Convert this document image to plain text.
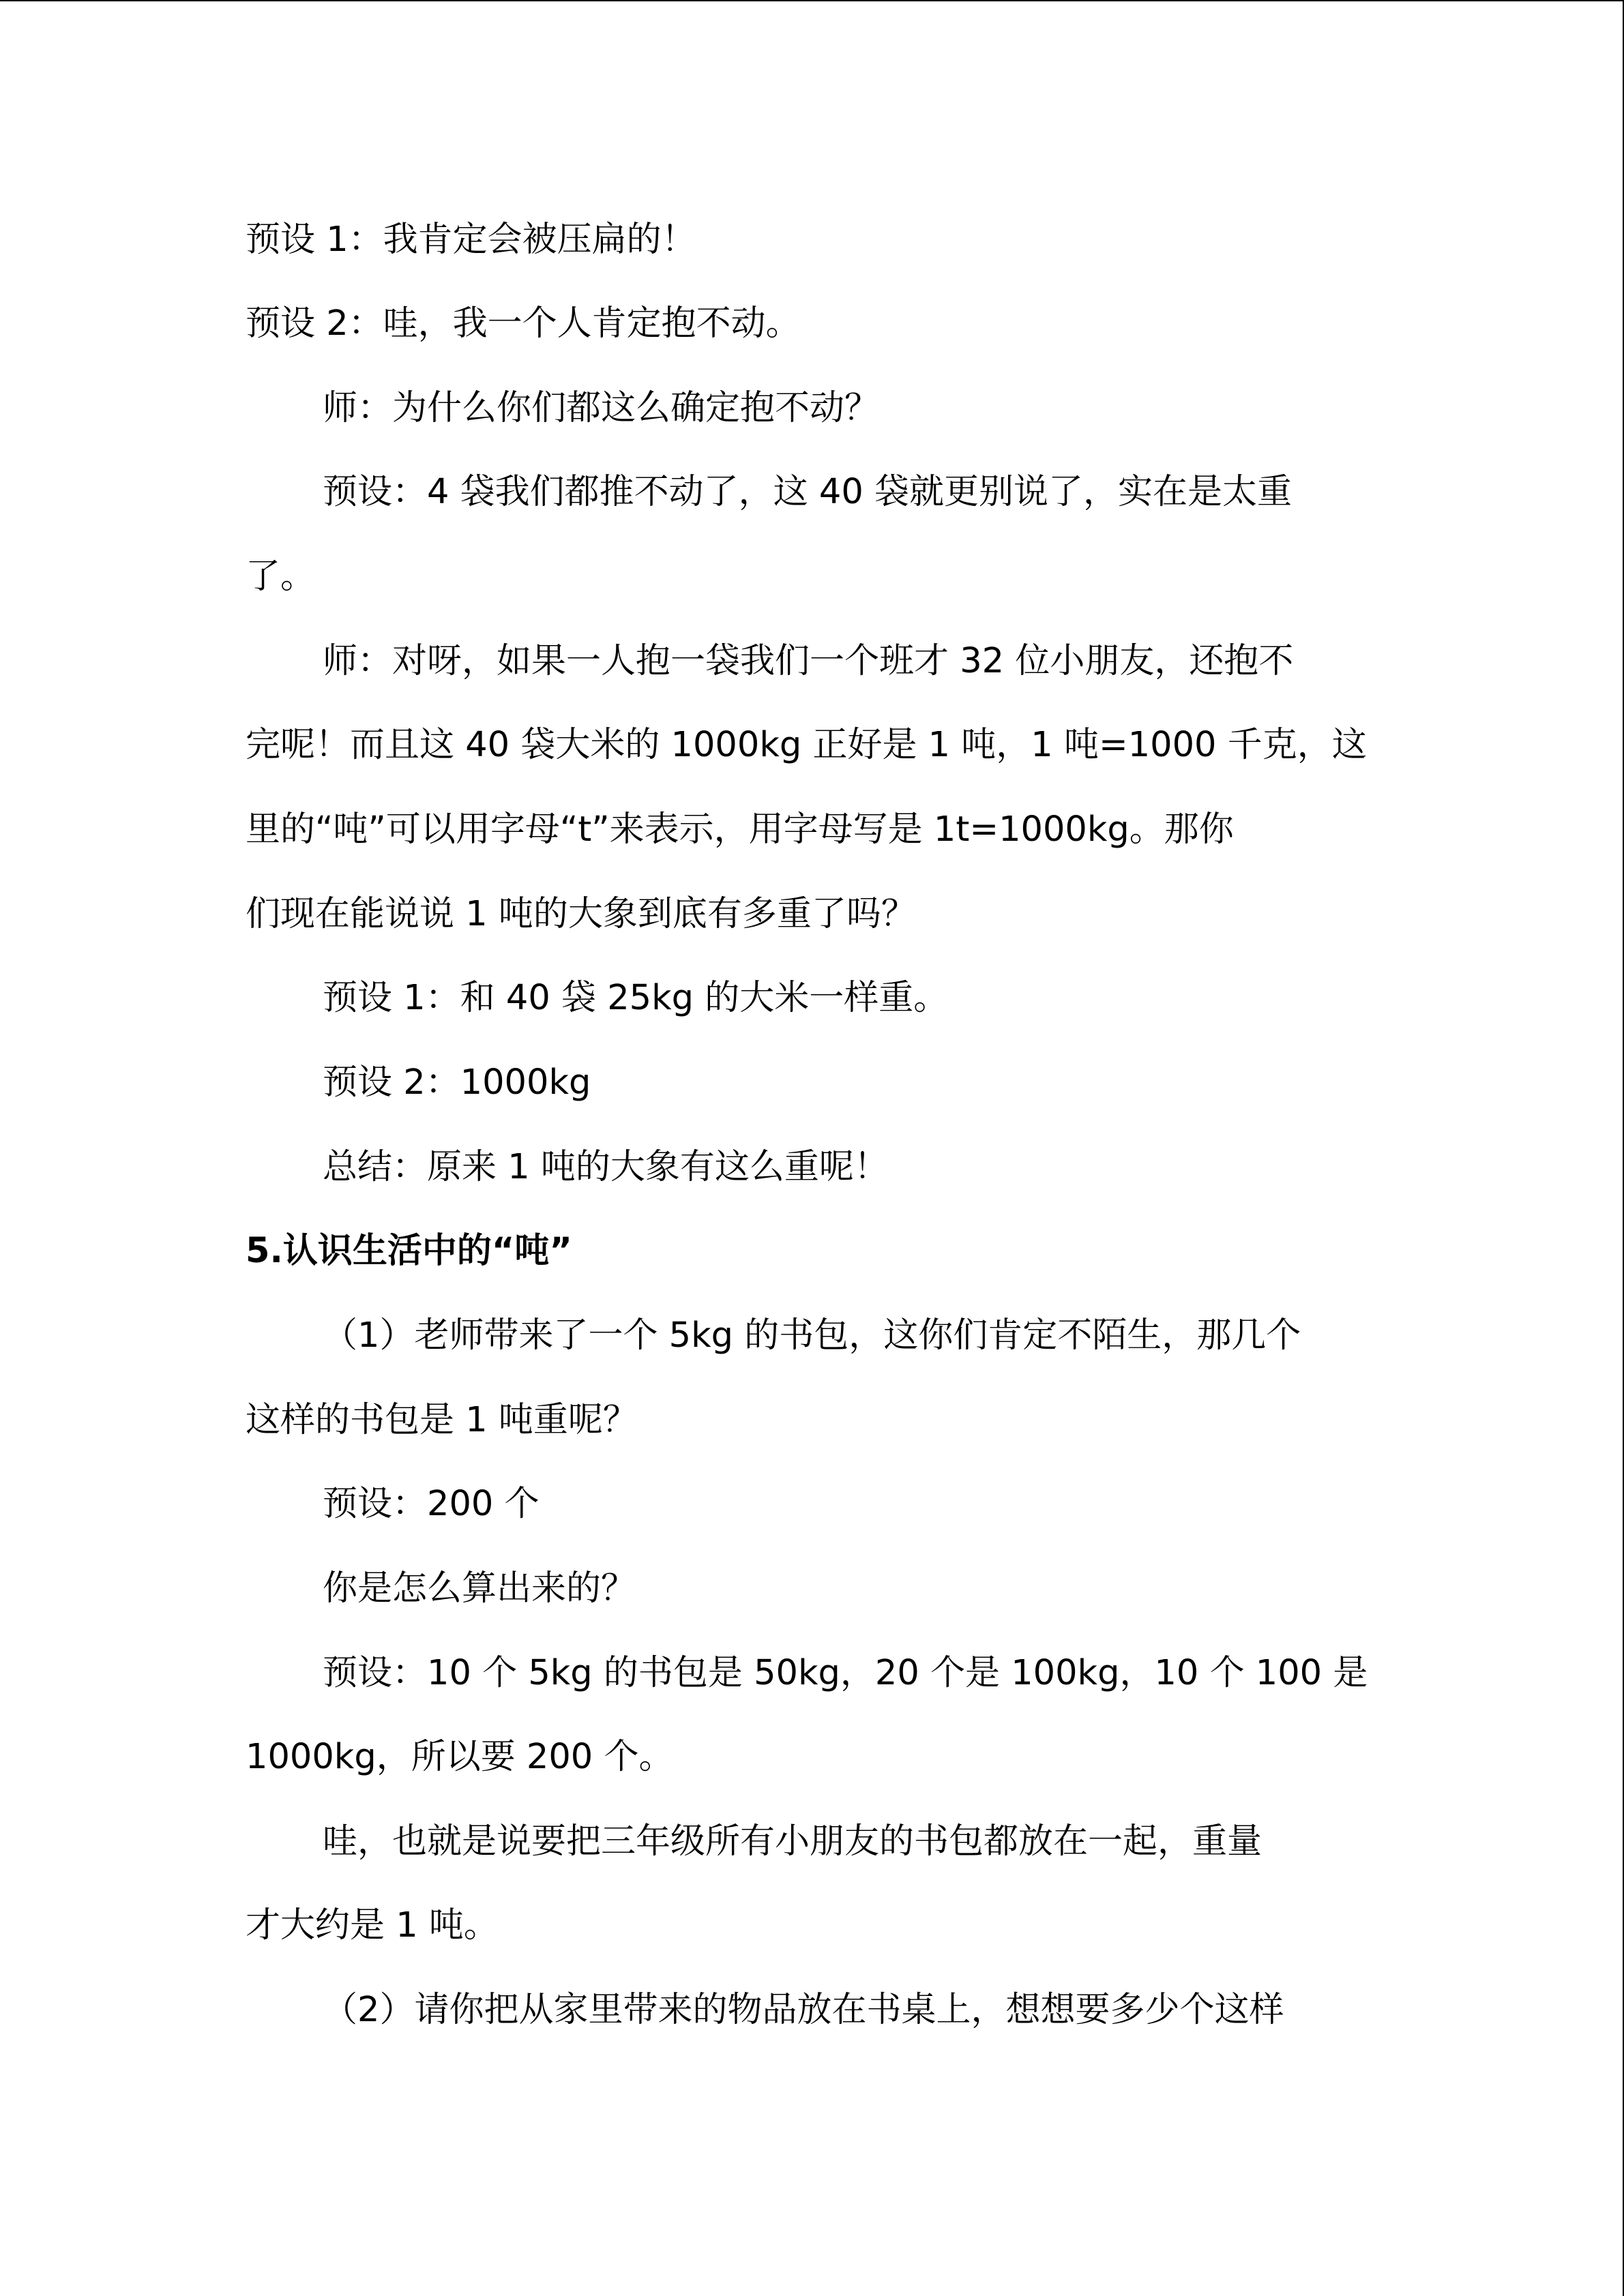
预设 1：我肯定会被压扁的！
预设 2：哇，我一个人肯定抱不动。
师：为什么你们都这么确定抱不动？
预设：4 袋我们都推不动了，这 40 袋就更别说了，实在是太重
了。
师：对呀，如果一人抱一袋我们一个班才 32 位小朋友，还抱不
完呢！而且这 40 袋大米的 1000kg 正好是 1 吨，1 吨=1000 千克，这
里的“吨”可以用字母“t”来表示，用字母写是 1t=1000kg。那你
们现在能说说 1 吨的大象到底有多重了吗？
预设 1：和 40 袋 25kg 的大米一样重。
预设 2：1000kg
总结：原来 1 吨的大象有这么重呢！
5.认识生活中的“吨”
（1）老师带来了一个 5kg 的书包，这你们肯定不陌生，那几个
这样的书包是 1 吨重呢？
预设：200 个
你是怎么算出来的？
预设：10 个 5kg 的书包是 50kg，20 个是 100kg，10 个 100 是
1000kg，所以要 200 个。
哇，也就是说要把三年级所有小朋友的书包都放在一起，重量
才大约是 1 吨。
（2）请你把从家里带来的物品放在书桌上，想想要多少个这样
